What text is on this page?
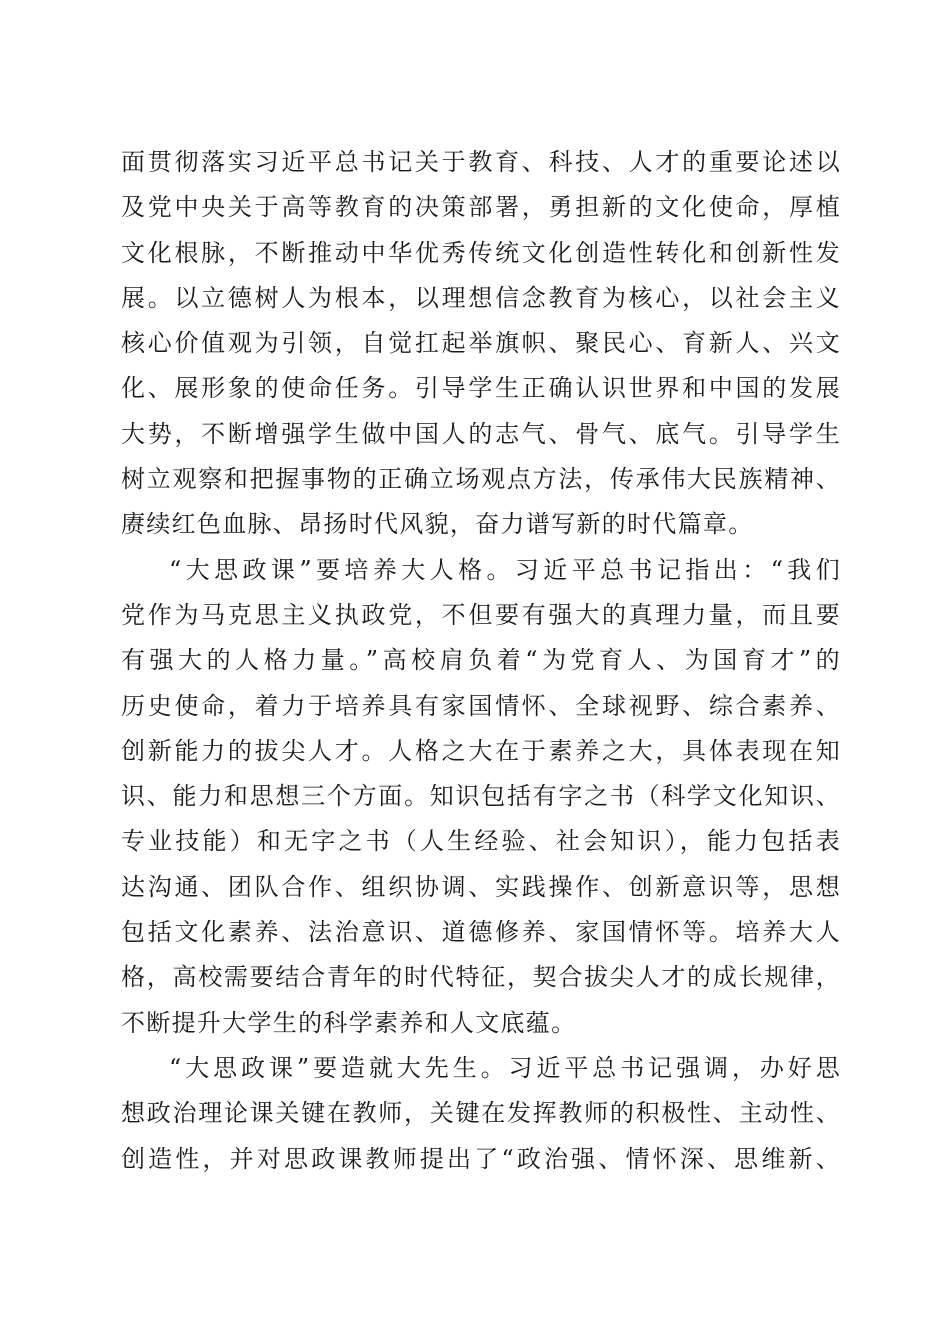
面贯彻落实习近平总书记关于教育、科技、人才的重要论述以
及党中央关于高等教育的决策部署，勇担新的文化使命，厚植
文化根脉，不断推动中华优秀传统文化创造性转化和创新性发
展。以立德树人为根本，以理想信念教育为核心，以社会主义
核心价值观为引领，自觉扛起举旗帜、聚民心、育新人、兴文
化、展形象的使命任务。引导学生正确认识世界和中国的发展
大势，不断增强学生做中国人的志气、骨气、底气。引导学生
树立观察和把握事物的正确立场观点方法，传承伟大民族精神、
赓续红色血脉、昂扬时代风貌，奋力谱写新的时代篇章。
“大思政课”要培养大人格。习近平总书记指出：“我们
党作为马克思主义执政党，不但要有强大的真理力量，而且要
有强大的人格力量。”高校肩负着“为党育人、为国育才”的
历史使命，着力于培养具有家国情怀、全球视野、综合素养、
创新能力的拔尖人才。人格之大在于素养之大，具体表现在知
识、能力和思想三个方面。知识包括有字之书（科学文化知识、
专业技能）和无字之书（人生经验、社会知识），能力包括表
达沟通、团队合作、组织协调、实践操作、创新意识等，思想
包括文化素养、法治意识、道德修养、家国情怀等。培养大人
格，高校需要结合青年的时代特征，契合拔尖人才的成长规律，
不断提升大学生的科学素养和人文底蕴。
“大思政课”要造就大先生。习近平总书记强调，办好思
想政治理论课关键在教师，关键在发挥教师的积极性、主动性、
创造性，并对思政课教师提出了“政治强、情怀深、思维新、
